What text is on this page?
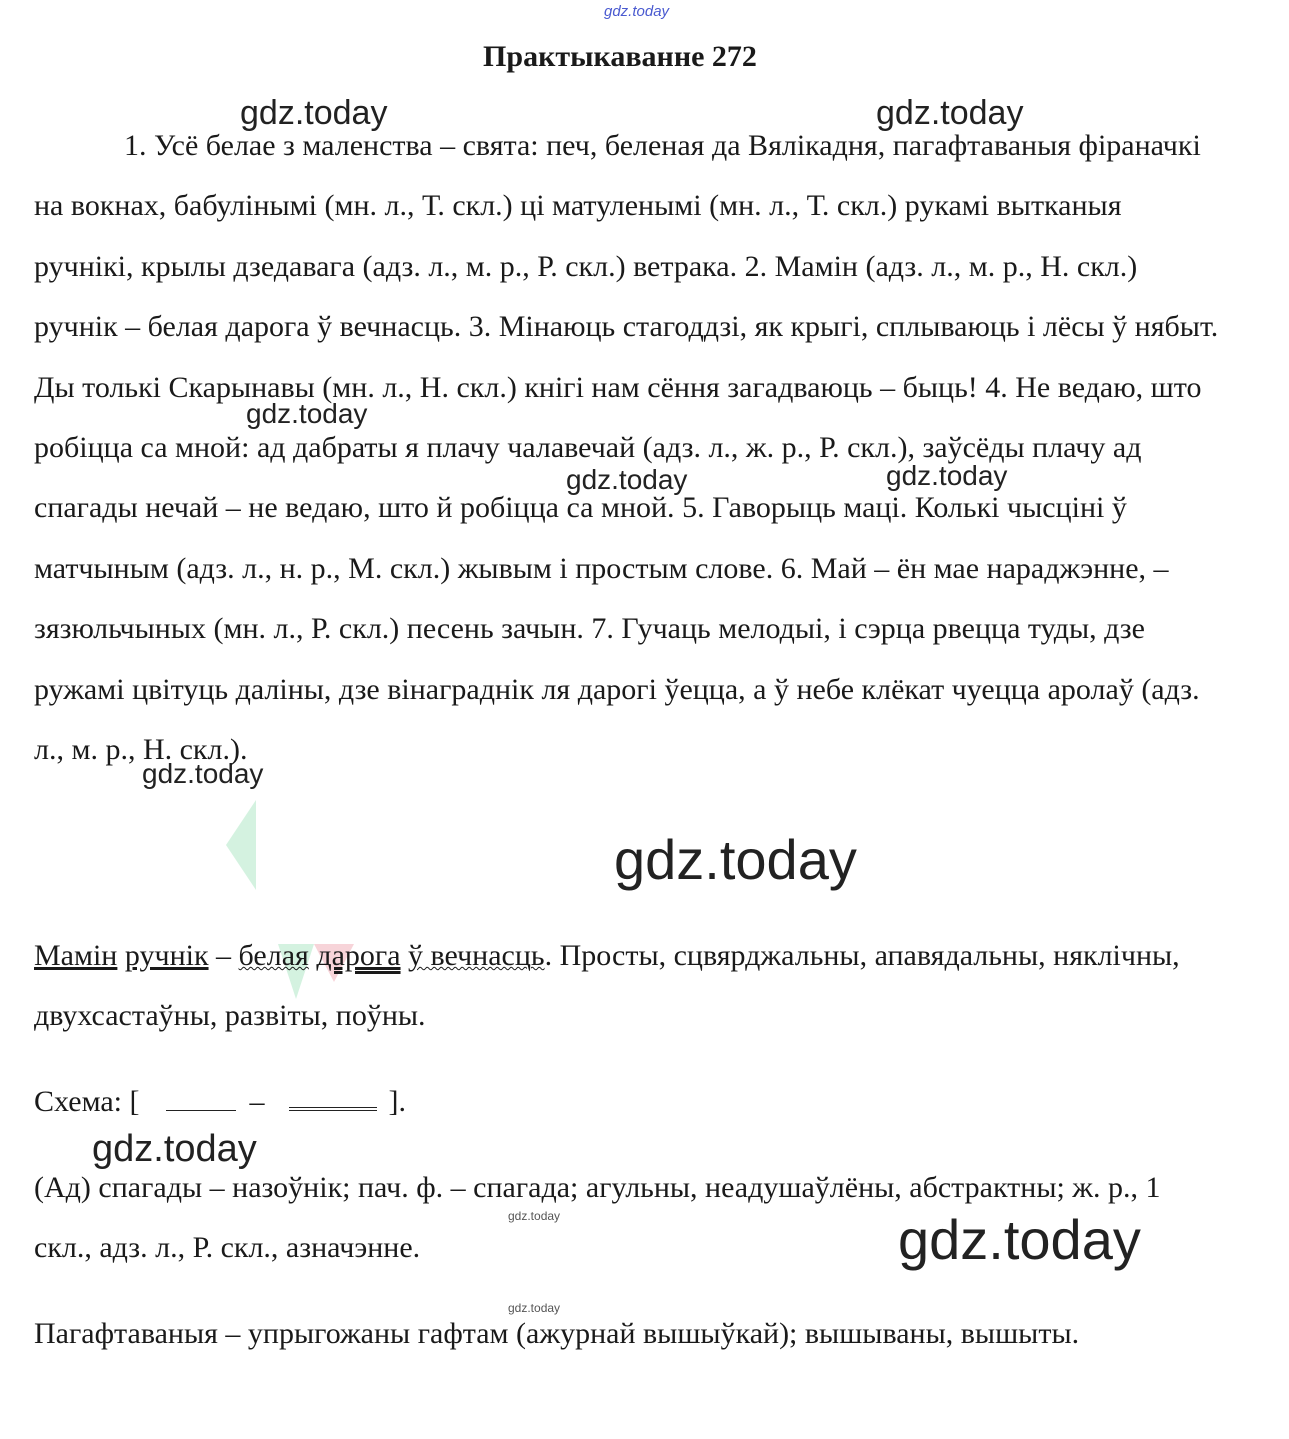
gdz.today
gdz.today	gdz.today
gdz.today
gdz.today	gdz.today
gdz.today
gdz.today
gdz.today
gdz.today	gdz.today
gdz.today
Практыкаванне 272

1. Усё белае з маленства – свята: печ, беленая да Вялікадня, пагафтаваныя фіраначкі на вокнах, бабулінымі (мн. л., Т. скл.) ці матуленымі (мн. л., Т. скл.) рукамі вытканыя ручнікі, крылы дзедавага (адз. л., м. р., Р. скл.) ветрака. 2. Мамін (адз. л., м. р., Н. скл.) ручнік – белая дарога ў вечнасць. 3. Мінаюць стагоддзі, як крыгі, сплываюць і лёсы ў нябыт. Ды толькі Скарынавы (мн. л., Н. скл.) кнігі нам сёння загадваюць – быць! 4. Не ведаю, што робіцца са мной: ад дабраты я плачу чалавечай (адз. л., ж. р., Р. скл.), заўсёды плачу ад спагады нечай – не ведаю, што й робіцца са мной. 5. Гаворыць маці. Колькі чысціні ў матчыным (адз. л., н. р., М. скл.) жывым і простым слове. 6. Май – ён мае нараджэнне, – зязюльчыных (мн. л., Р. скл.) песень зачын. 7. Гучаць мелодыі, і сэрца рвецца туды, дзе ружамі цвітуць даліны, дзе вінаграднік ля дарогі ўецца, а ў небе клёкат чуецца аролаў (адз. л., м. р., Н. скл.).

Мамін ручнік – белая дарога ў вечнасць. Просты, сцвярджальны, апавядальны, няклічны, двухсастаўны, развіты, поўны.

Схема: [	–	].

(Ад) спагады – назоўнік; пач. ф. – спагада; агульны, неадушаўлёны, абстрактны; ж. р., 1 скл., адз. л., Р. скл., азначэнне.

Пагафтаваныя – упрыгожаны гафтам (ажурнай вышыўкай); вышываны, вышыты.
